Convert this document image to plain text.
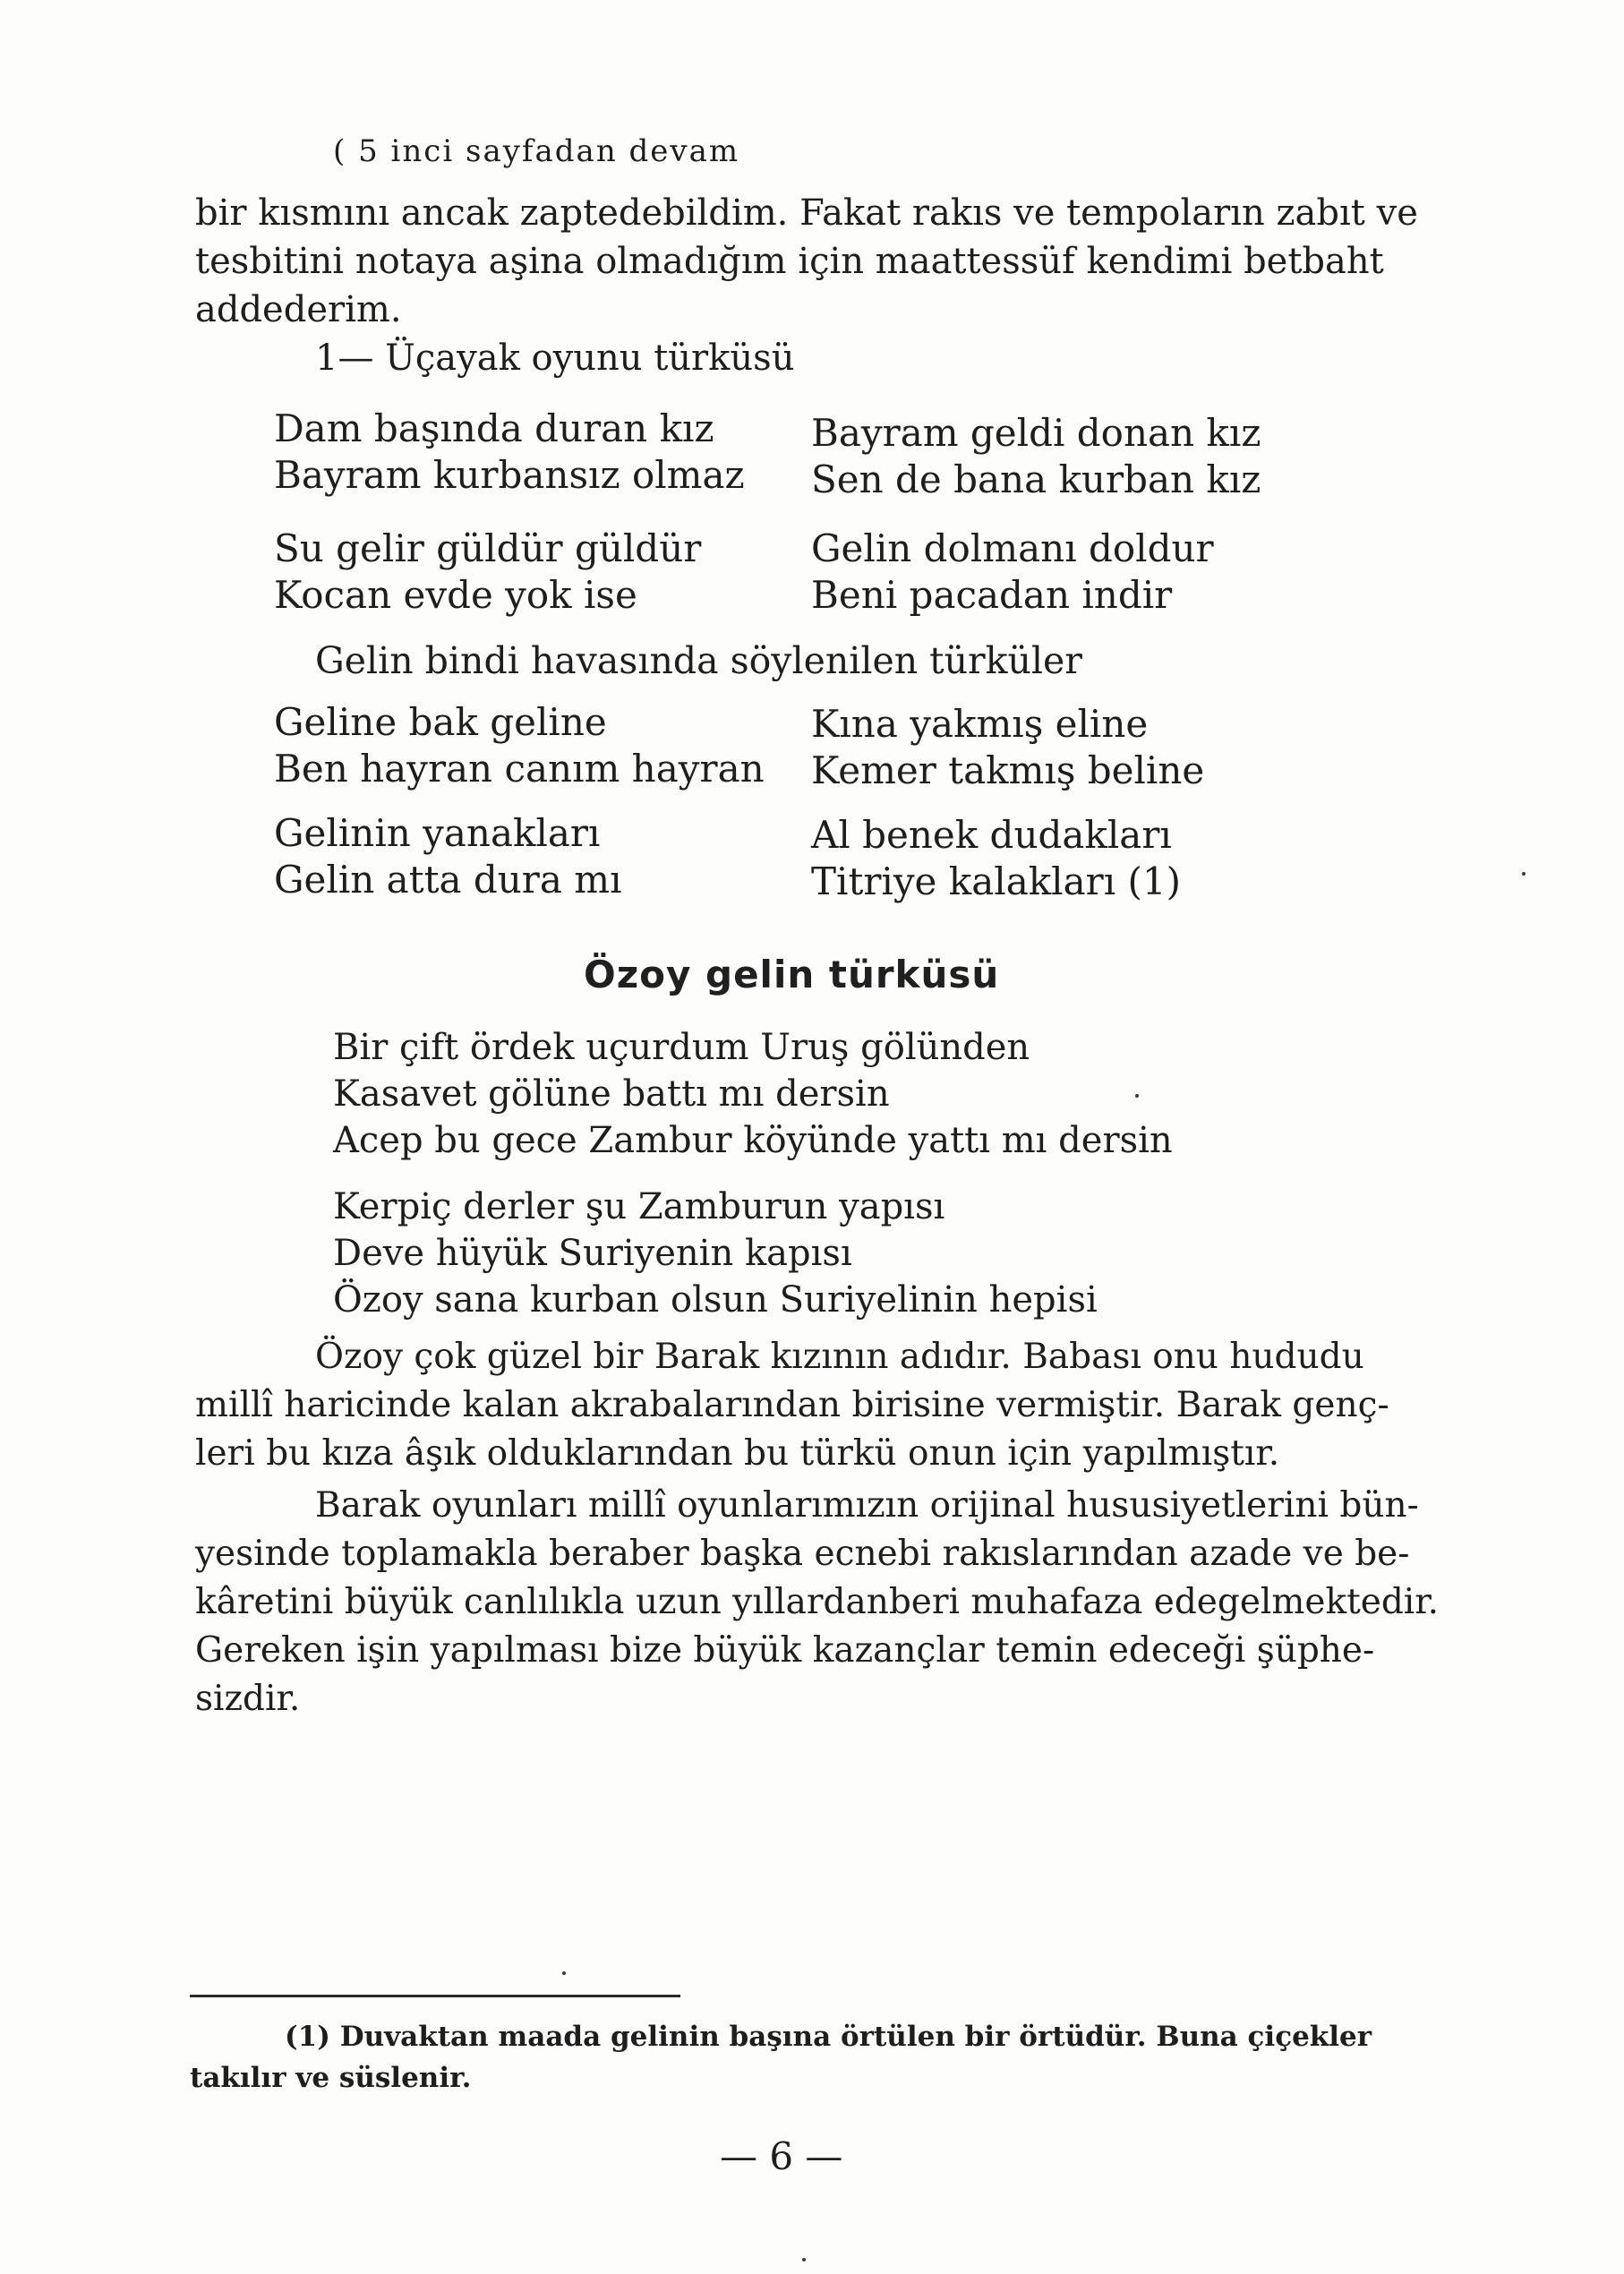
( 5 inci sayfadan devam
bir kısmını ancak zaptedebildim. Fakat rakıs ve tempoların zabıt ve
tesbitini notaya aşina olmadığım için maattessüf kendimi betbaht
addederim.
1— Üçayak oyunu türküsü
Dam başında duran kız
Bayram kurbansız olmaz
Bayram geldi donan kız
Sen de bana kurban kız
Su gelir güldür güldür
Kocan evde yok ise
Gelin dolmanı doldur
Beni pacadan indir
Gelin bindi havasında söylenilen türküler
Geline bak geline
Ben hayran canım hayran
Kına yakmış eline
Kemer takmış beline
Gelinin yanakları
Gelin atta dura mı
Al benek dudakları
Titriye kalakları (1)
Özoy gelin türküsü
Bir çift ördek uçurdum Uruş gölünden
Kasavet gölüne battı mı dersin
Acep bu gece Zambur köyünde yattı mı dersin
Kerpiç derler şu Zamburun yapısı
Deve hüyük Suriyenin kapısı
Özoy sana kurban olsun Suriyelinin hepisi
Özoy çok güzel bir Barak kızının adıdır. Babası onu hududu
millî haricinde kalan akrabalarından birisine vermiştir. Barak genç-
leri bu kıza âşık olduklarından bu türkü onun için yapılmıştır.
Barak oyunları millî oyunlarımızın orijinal hususiyetlerini bün-
yesinde toplamakla beraber başka ecnebi rakıslarından azade ve be-
kâretini büyük canlılıkla uzun yıllardanberi muhafaza edegelmektedir.
Gereken işin yapılması bize büyük kazançlar temin edeceği şüphe-
sizdir.
(1) Duvaktan maada gelinin başına örtülen bir örtüdür. Buna çiçekler
takılır ve süslenir.
— 6 —
